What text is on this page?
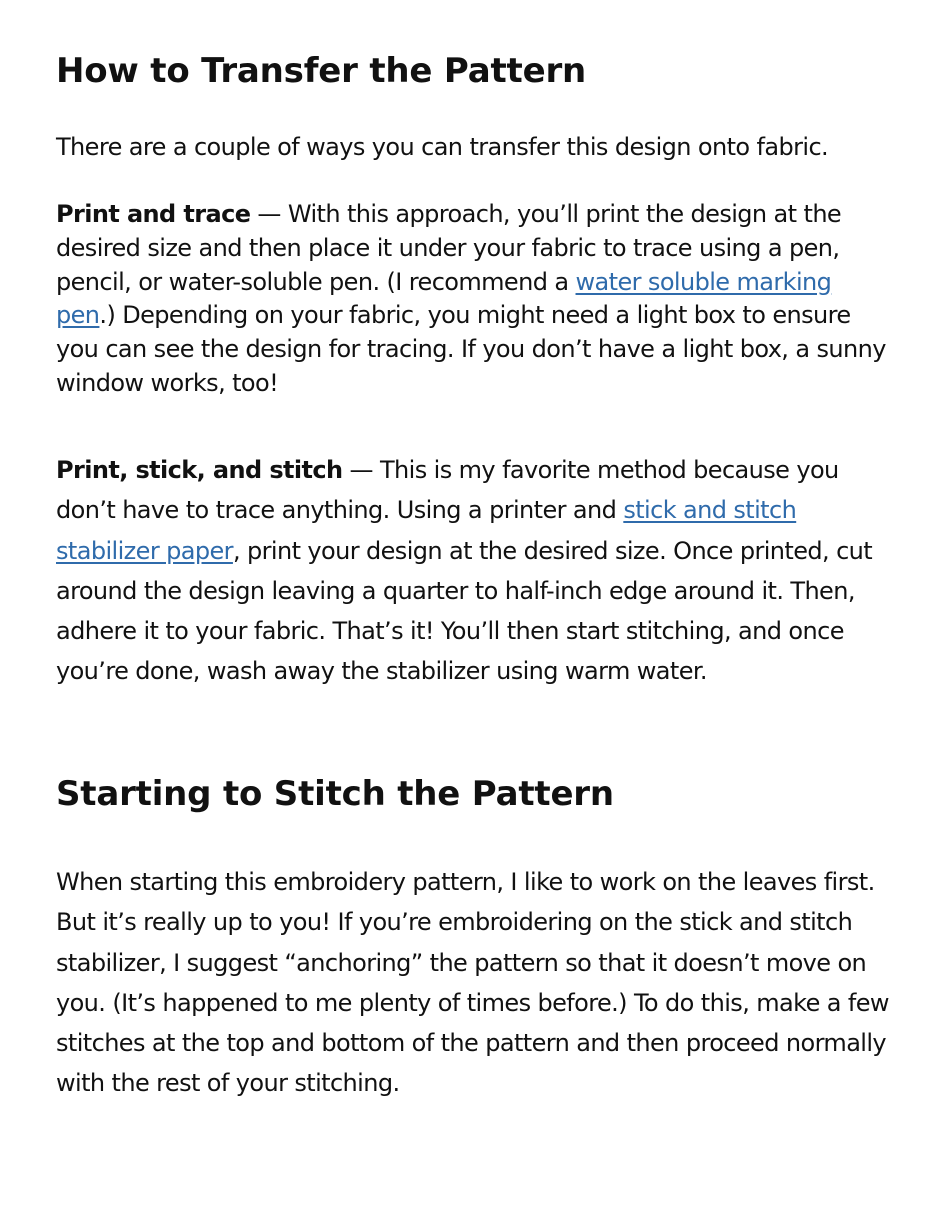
How to Transfer the Pattern

There are a couple of ways you can transfer this design onto fabric.

Print and trace — With this approach, you’ll print the design at the desired size and then place it under your fabric to trace using a pen, pencil, or water-soluble pen. (I recommend a water soluble marking pen.) Depending on your fabric, you might need a light box to ensure you can see the design for tracing. If you don’t have a light box, a sunny window works, too!

Print, stick, and stitch — This is my favorite method because you don’t have to trace anything. Using a printer and stick and stitch stabilizer paper, print your design at the desired size. Once printed, cut around the design leaving a quarter to half-inch edge around it. Then, adhere it to your fabric. That’s it! You’ll then start stitching, and once you’re done, wash away the stabilizer using warm water.

Starting to Stitch the Pattern

When starting this embroidery pattern, I like to work on the leaves first. But it’s really up to you! If you’re embroidering on the stick and stitch stabilizer, I suggest “anchoring” the pattern so that it doesn’t move on you. (It’s happened to me plenty of times before.) To do this, make a few stitches at the top and bottom of the pattern and then proceed normally with the rest of your stitching.
